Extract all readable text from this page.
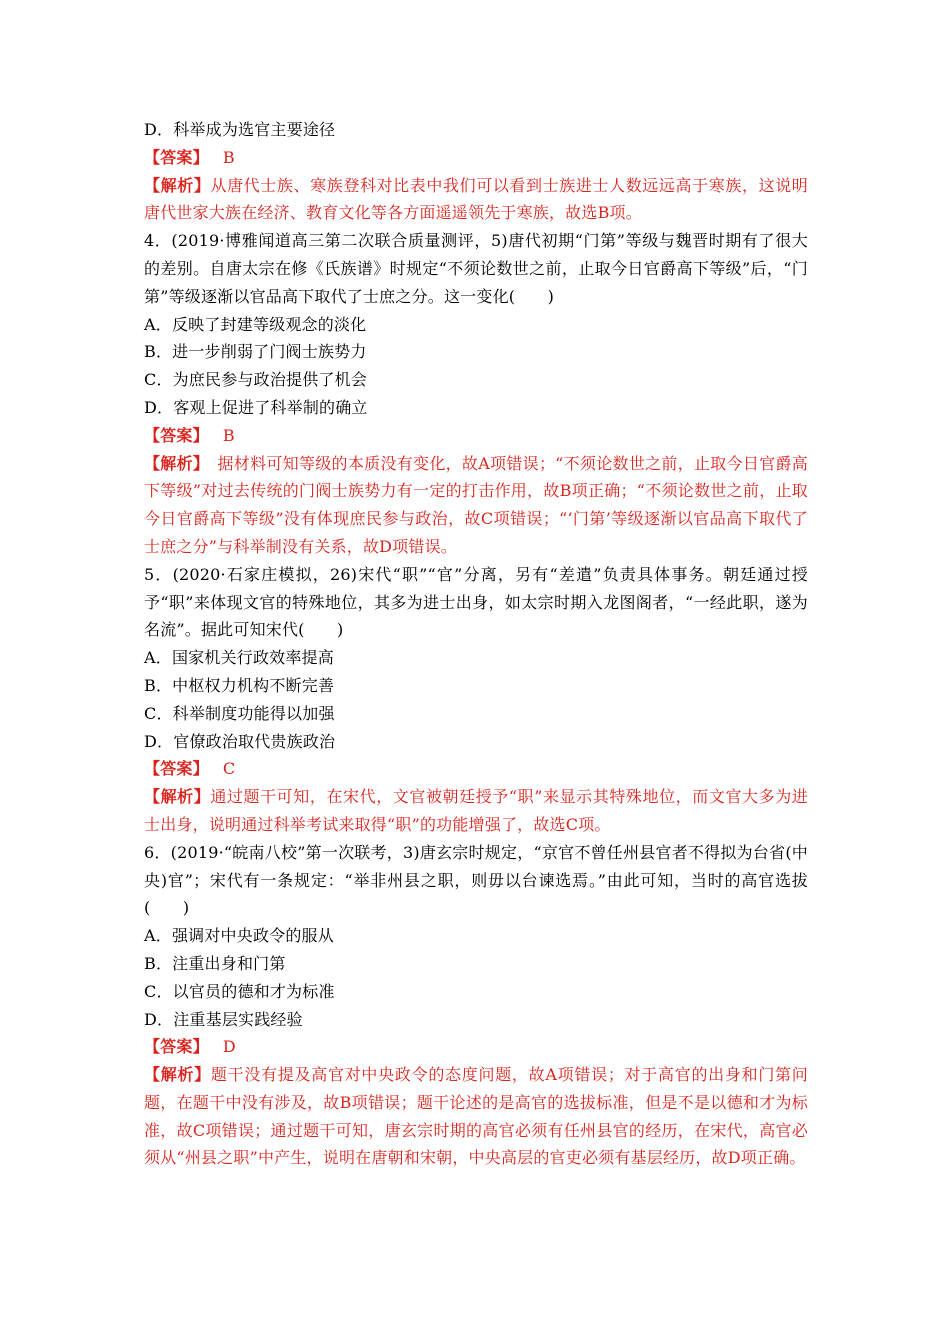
D．科举成为选官主要途径
【答案】 B
【解析】从唐代士族、寒族登科对比表中我们可以看到士族进士人数远远高于寒族，这说明唐代世家大族在经济、教育文化等各方面遥遥领先于寒族，故选B项。
4．(2019·博雅闻道高三第二次联合质量测评，5)唐代初期“门第”等级与魏晋时期有了很大的差别。自唐太宗在修《氏族谱》时规定“不须论数世之前，止取今日官爵高下等级”后，“门第”等级逐渐以官品高下取代了士庶之分。这一变化(　　)
A．反映了封建等级观念的淡化
B．进一步削弱了门阀士族势力
C．为庶民参与政治提供了机会
D．客观上促进了科举制的确立
【答案】 B
【解析】　据材料可知等级的本质没有变化，故A项错误；“不须论数世之前，止取今日官爵高下等级”对过去传统的门阀士族势力有一定的打击作用，故B项正确；“不须论数世之前，止取今日官爵高下等级”没有体现庶民参与政治，故C项错误；“‘门第’等级逐渐以官品高下取代了士庶之分”与科举制没有关系，故D项错误。
5．(2020·石家庄模拟，26)宋代“职”“官”分离，另有“差遣”负责具体事务。朝廷通过授予“职”来体现文官的特殊地位，其多为进士出身，如太宗时期入龙图阁者，“一经此职，遂为名流”。据此可知宋代(　　)
A．国家机关行政效率提高
B．中枢权力机构不断完善
C．科举制度功能得以加强
D．官僚政治取代贵族政治
【答案】 C
【解析】通过题干可知，在宋代，文官被朝廷授予“职”来显示其特殊地位，而文官大多为进士出身，说明通过科举考试来取得“职”的功能增强了，故选C项。
6．(2019·“皖南八校”第一次联考，3)唐玄宗时规定，“京官不曾任州县官者不得拟为台省(中央)官”；宋代有一条规定：“举非州县之职，则毋以台谏选焉。”由此可知，当时的高官选拔(　　)
A．强调对中央政令的服从
B．注重出身和门第
C．以官员的德和才为标准
D．注重基层实践经验
【答案】 D
【解析】题干没有提及高官对中央政令的态度问题，故A项错误；对于高官的出身和门第问题，在题干中没有涉及，故B项错误；题干论述的是高官的选拔标准，但是不是以德和才为标准，故C项错误；通过题干可知，唐玄宗时期的高官必须有任州县官的经历，在宋代，高官必须从“州县之职”中产生，说明在唐朝和宋朝，中央高层的官吏必须有基层经历，故D项正确。
